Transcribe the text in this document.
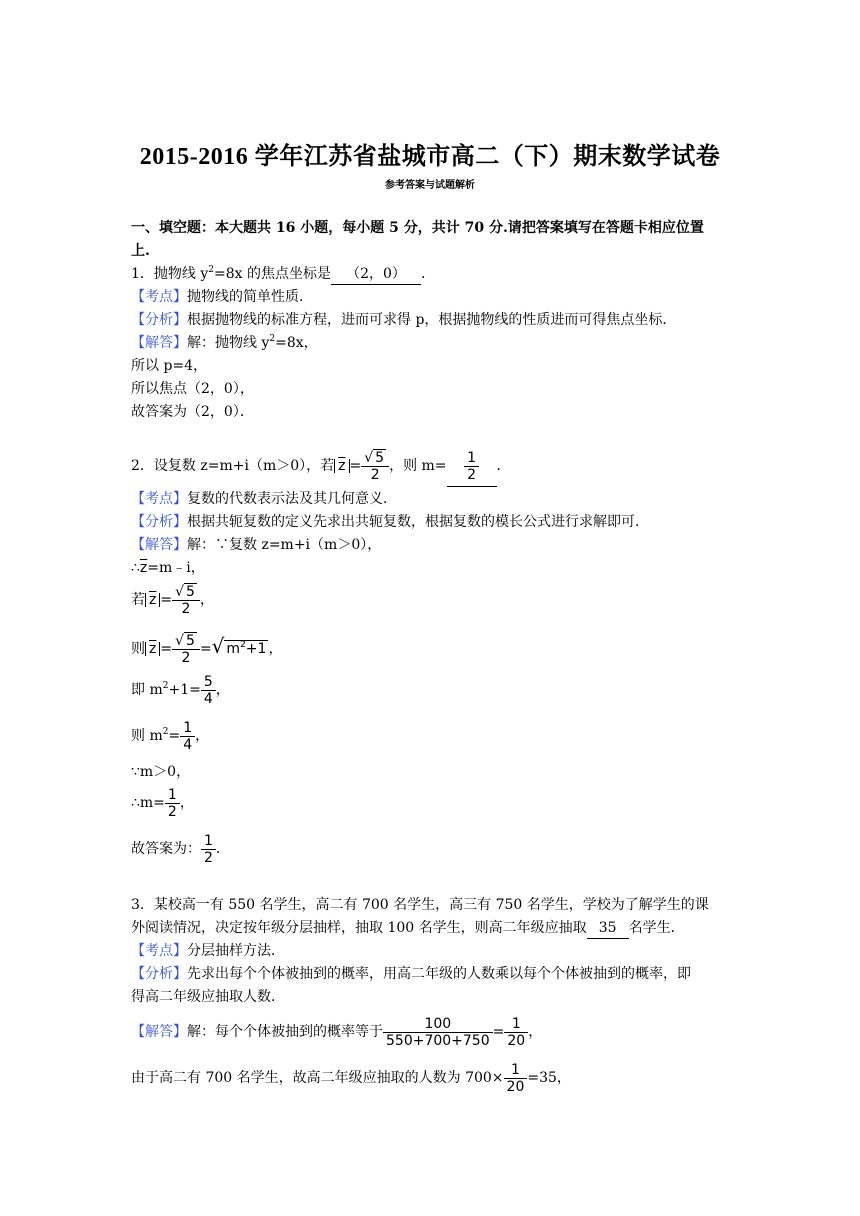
2015-2016 学年江苏省盐城市高二（下）期末数学试卷
参考答案与试题解析
一、填空题：本大题共 16 小题，每小题 5 分，共计 70 分.请把答案填写在答题卡相应位置
上.
1．抛物线 $y^2=8x$ 的焦点坐标是 （2，0） ．
【考点】抛物线的简单性质．
【分析】根据抛物线的标准方程，进而可求得 p，根据抛物线的性质进而可得焦点坐标．
【解答】解：抛物线 $y^2=8x$，
所以 p=4，
所以焦点（2，0），
故答案为（2，0）．
2．设复数 z=m+i（m＞0），若 $\overline{z} = \frac{√ 5}{2}$ ，则 $m= \frac{1}{2}$ ．
【考点】复数的代数表示法及其几何意义．
【分析】根据共轭复数的定义先求出共轭复数，根据复数的模长公式进行求解即可．
【解答】解：∵复数 z=m+i（m＞0），
$\therefore\overline{z}=m﹣i$，
若 $\overline{z} = \frac{√ 5}{2}$ ，
则 $\overline{z} = \frac{√ 5}{2}$ =√ $m^2+1$ ，
即 $m^2+1= \frac{5}{4}$ ，
则 $m^2= \frac{1}{4}$ ，
∵m＞0，
∴m= $\frac{1}{2}$ ，
故答案为： $\frac{1}{2}$ ．
3．某校高一有 550 名学生，高二有 700 名学生，高三有 750 名学生，学校为了解学生的课
外阅读情况，决定按年级分层抽样，抽取 100 名学生，则高二年级应抽取 35 名学生．
【考点】分层抽样方法．
【分析】先求出每个个体被抽到的概率，用高二年级的人数乘以每个个体被抽到的概率，即
得高二年级应抽取人数．
【解答】解：每个个体被抽到的概率等于 $\frac{100}{550+700+750} = \frac{1}{20}$ ，
由于高二有 700 名学生，故高二年级应抽取的人数为 $700\times \frac{1}{20} =35$，
